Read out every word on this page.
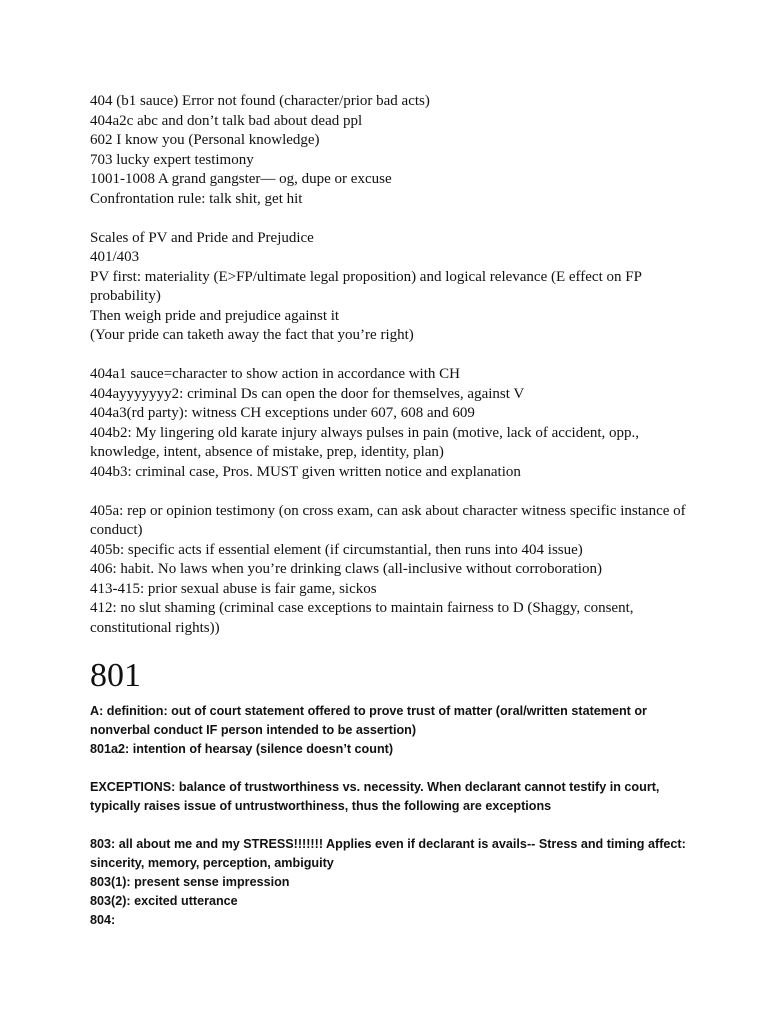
404 (b1 sauce) Error not found (character/prior bad acts)

404a2c abc and don’t talk bad about dead ppl

602 I know you (Personal knowledge)

703 lucky expert testimony

1001-1008 A grand gangster— og, dupe or excuse

Confrontation rule: talk shit, get hit

Scales of PV and Pride and Prejudice

401/403

PV first: materiality (E>FP/ultimate legal proposition) and logical relevance (E effect on FP probability)

Then weigh pride and prejudice against it

(Your pride can taketh away the fact that you’re right)

404a1 sauce=character to show action in accordance with CH

404ayyyyyyy2: criminal Ds can open the door for themselves, against V

404a3(rd party): witness CH exceptions under 607, 608 and 609

404b2: My lingering old karate injury always pulses in pain (motive, lack of accident, opp., knowledge, intent, absence of mistake, prep, identity, plan)

404b3: criminal case, Pros. MUST given written notice and explanation

405a: rep or opinion testimony (on cross exam, can ask about character witness specific instance of conduct)

405b: specific acts if essential element (if circumstantial, then runs into 404 issue)

406: habit. No laws when you’re drinking claws (all-inclusive without corroboration)

413-415: prior sexual abuse is fair game, sickos

412: no slut shaming (criminal case exceptions to maintain fairness to D (Shaggy, consent, constitutional rights))

801

A: definition: out of court statement offered to prove trust of matter (oral/written statement or nonverbal conduct IF person intended to be assertion)

801a2: intention of hearsay (silence doesn’t count)

EXCEPTIONS: balance of trustworthiness vs. necessity. When declarant cannot testify in court, typically raises issue of untrustworthiness, thus the following are exceptions

803: all about me and my STRESS!!!!!!! Applies even if declarant is avails-- Stress and timing affect: sincerity, memory, perception, ambiguity

803(1): present sense impression

803(2): excited utterance

804:
